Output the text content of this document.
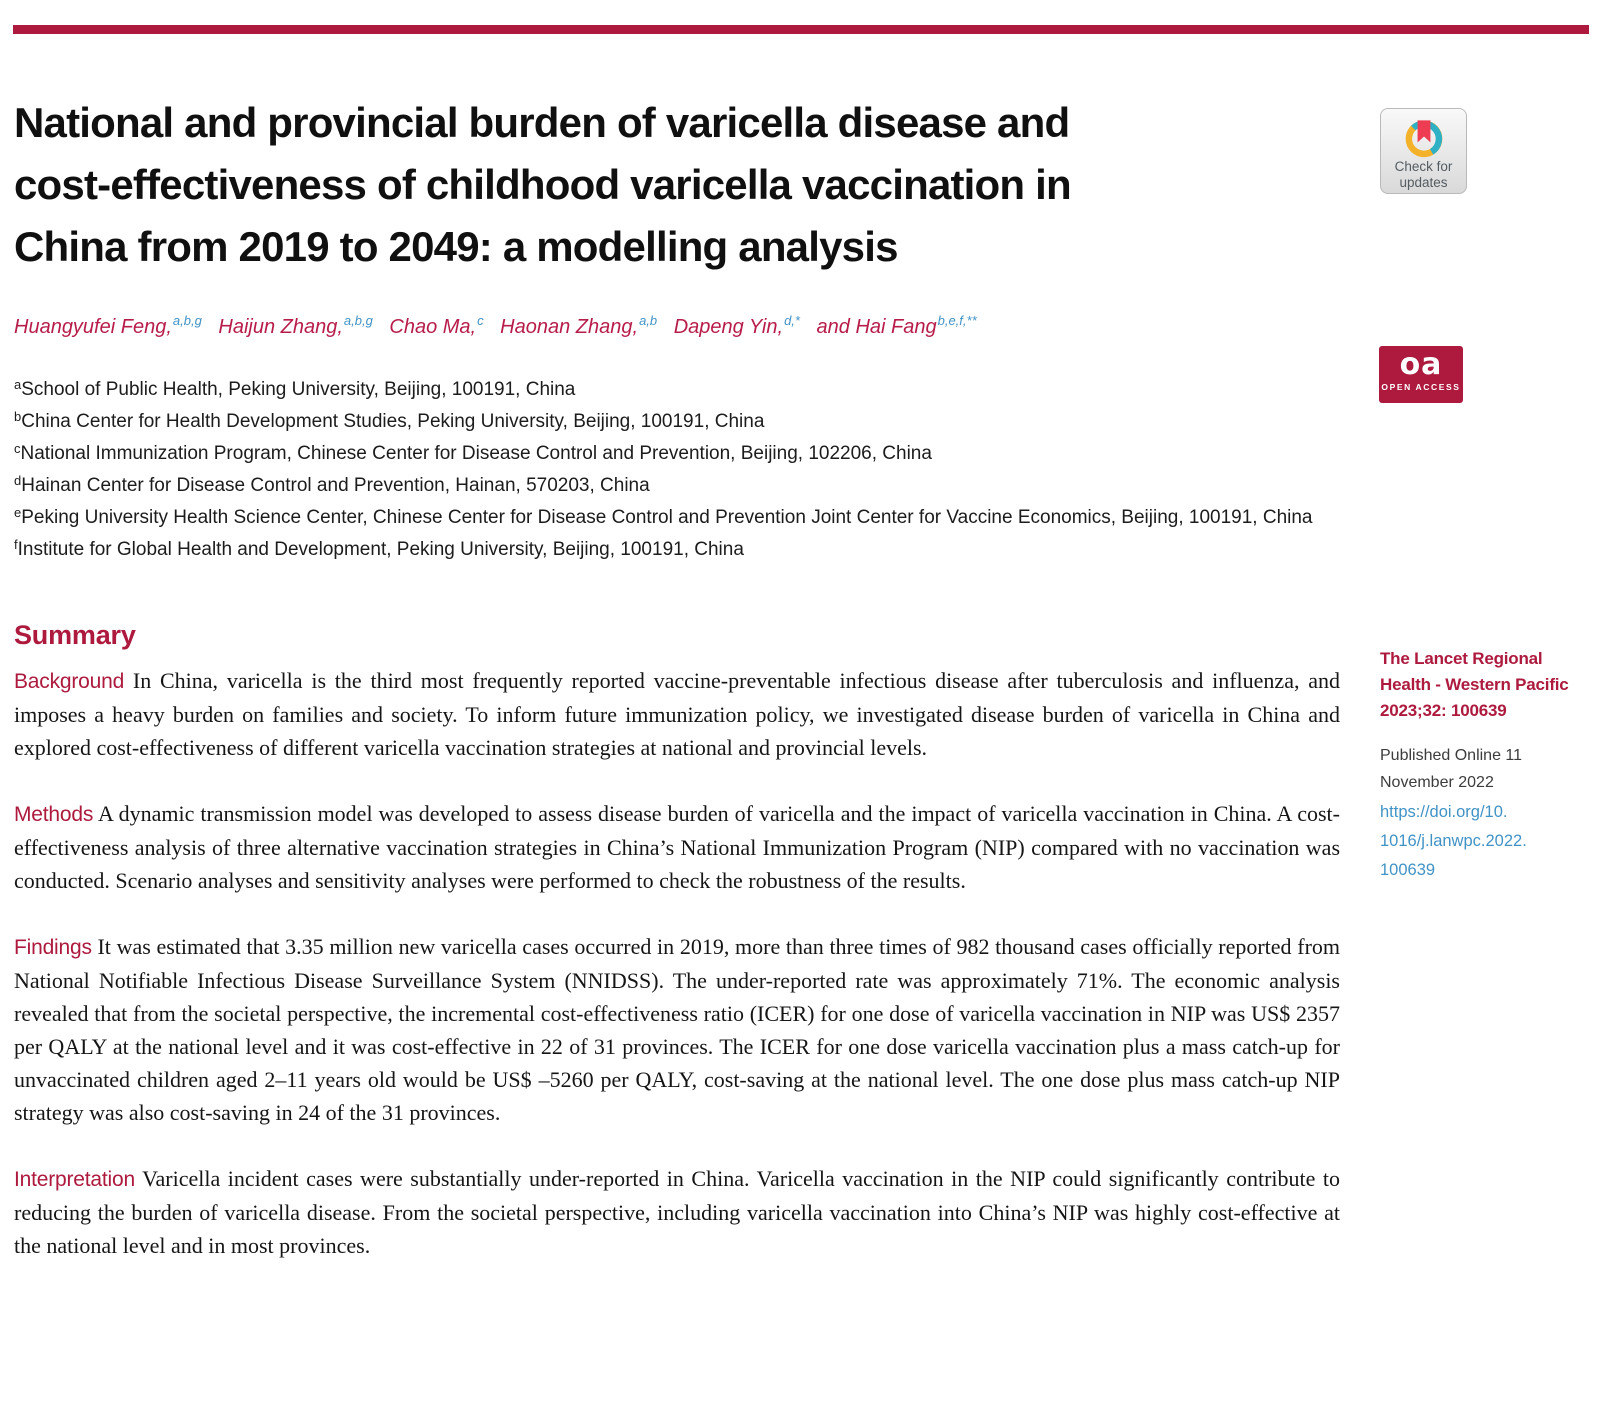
National and provincial burden of varicella disease and
cost-effectiveness of childhood varicella vaccination in
China from 2019 to 2049: a modelling analysis
Huangyufei Feng,$^{a,b,g}$ Haijun Zhang,$^{a,b,g}$ Chao Ma,$^c$ Haonan Zhang,$^{a,b}$ Dapeng Yin,$^{d,*}$ and Hai Fang$^{b,e,f,**}$
$^a$School of Public Health, Peking University, Beijing, 100191, China
$^b$China Center for Health Development Studies, Peking University, Beijing, 100191, China
$^c$National Immunization Program, Chinese Center for Disease Control and Prevention, Beijing, 102206, China
$^d$Hainan Center for Disease Control and Prevention, Hainan, 570203, China
$^e$Peking University Health Science Center, Chinese Center for Disease Control and Prevention Joint Center for Vaccine Economics, Beijing, 100191, China
$^f$Institute for Global Health and Development, Peking University, Beijing, 100191, China
Summary

Background In China, varicella is the third most frequently reported vaccine-preventable infectious disease after tuberculosis and influenza, and imposes a heavy burden on families and society. To inform future immunization policy, we investigated disease burden of varicella in China and explored cost-effectiveness of different varicella vaccination strategies at national and provincial levels.

Methods A dynamic transmission model was developed to assess disease burden of varicella and the impact of varicella vaccination in China. A cost-effectiveness analysis of three alternative vaccination strategies in China’s National Immunization Program (NIP) compared with no vaccination was conducted. Scenario analyses and sensitivity analyses were performed to check the robustness of the results.

Findings It was estimated that 3.35 million new varicella cases occurred in 2019, more than three times of 982 thousand cases officially reported from National Notifiable Infectious Disease Surveillance System (NNIDSS). The under-reported rate was approximately 71%. The economic analysis revealed that from the societal perspective, the incremental cost-effectiveness ratio (ICER) for one dose of varicella vaccination in NIP was US$ 2357 per QALY at the national level and it was cost-effective in 22 of 31 provinces. The ICER for one dose varicella vaccination plus a mass catch-up for unvaccinated children aged 2–11 years old would be US$ –5260 per QALY, cost-saving at the national level. The one dose plus mass catch-up NIP strategy was also cost-saving in 24 of the 31 provinces.

Interpretation Varicella incident cases were substantially under-reported in China. Varicella vaccination in the NIP could significantly contribute to reducing the burden of varicella disease. From the societal perspective, including varicella vaccination into China’s NIP was highly cost-effective at the national level and in most provinces.

Check for
updates
oa
OPEN ACCESS
The Lancet Regional
Health - Western Pacific
2023;32: 100639
Published Online 11
November 2022
https://doi.org/10.
1016/j.lanwpc.2022.
100639
